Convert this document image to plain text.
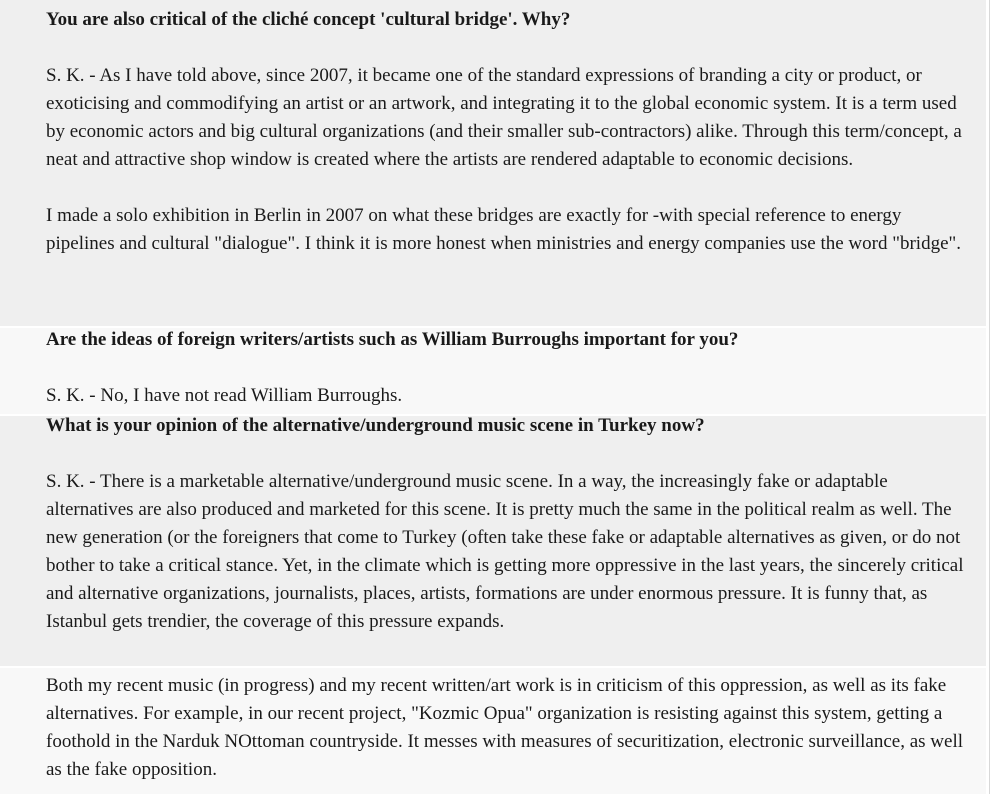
You are also critical of the cliché concept 'cultural bridge'. Why?

S. K. - As I have told above, since 2007, it became one of the standard expressions of branding a city or product, or exoticising and commodifying an artist or an artwork, and integrating it to the global economic system. It is a term used by economic actors and big cultural organizations (and their smaller sub-contractors) alike. Through this term/concept, a neat and attractive shop window is created where the artists are rendered adaptable to economic decisions.

I made a solo exhibition in Berlin in 2007 on what these bridges are exactly for -with special reference to energy pipelines and cultural "dialogue". I think it is more honest when ministries and energy companies use the word "bridge".

Are the ideas of foreign writers/artists such as William Burroughs important for you?

S. K. - No, I have not read William Burroughs.

What is your opinion of the alternative/underground music scene in Turkey now?

S. K. - There is a marketable alternative/underground music scene. In a way, the increasingly fake or adaptable alternatives are also produced and marketed for this scene. It is pretty much the same in the political realm as well. The new generation (or the foreigners that come to Turkey (often take these fake or adaptable alternatives as given, or do not bother to take a critical stance. Yet, in the climate which is getting more oppressive in the last years, the sincerely critical and alternative organizations, journalists, places, artists, formations are under enormous pressure. It is funny that, as Istanbul gets trendier, the coverage of this pressure expands.

Both my recent music (in progress) and my recent written/art work is in criticism of this oppression, as well as its fake alternatives. For example, in our recent project, "Kozmic Opua" organization is resisting against this system, getting a foothold in the Narduk NOttoman countryside. It messes with measures of securitization, electronic surveillance, as well as the fake opposition.
